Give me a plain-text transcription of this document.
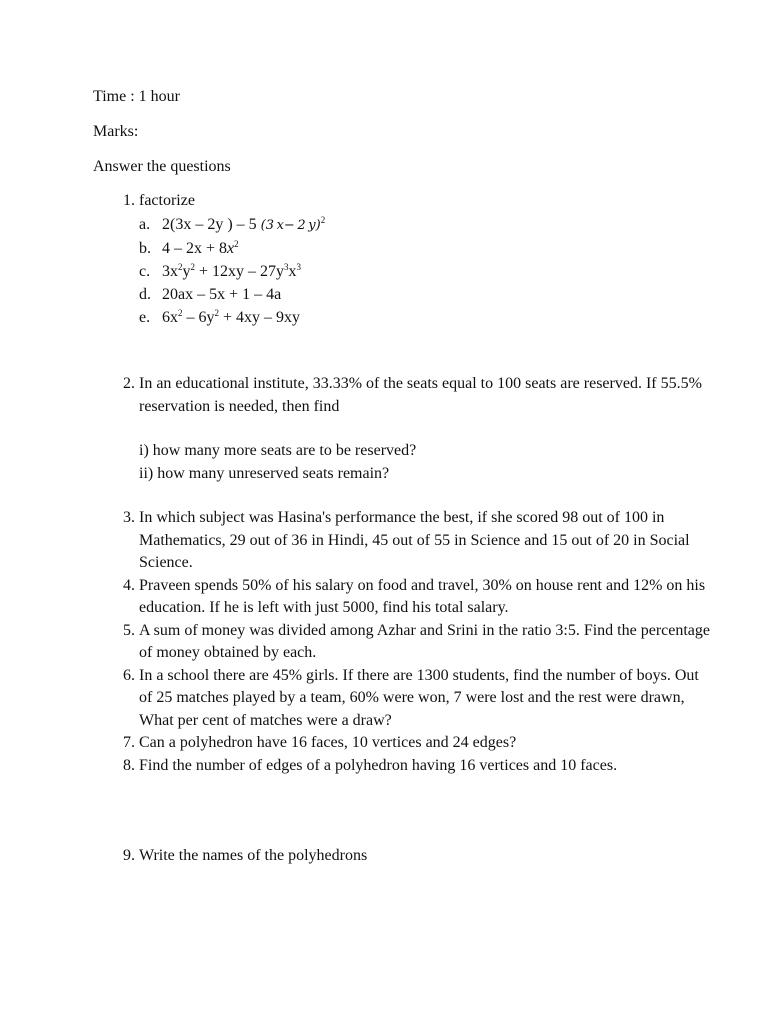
Time : 1 hour
Marks:
Answer the questions
1. factorize
a. 2(3x – 2y ) – 5 (3 x− 2 y)$^2$
b. $4 - 2x + 8x^2$
c. $3x^2y^2 + 12xy - 27y^3x^3$
d. 20ax – 5x + 1 – 4a
e. $6x^2 - 6y^2 + 4xy - 9xy$
2. In an educational institute, 33.33% of the seats equal to 100 seats are reserved. If 55.5% reservation is needed, then find
i) how many more seats are to be reserved?
ii) how many unreserved seats remain?
3. In which subject was Hasina's performance the best, if she scored 98 out of 100 in Mathematics, 29 out of 36 in Hindi, 45 out of 55 in Science and 15 out of 20 in Social Science.
4. Praveen spends 50% of his salary on food and travel, 30% on house rent and 12% on his education. If he is left with just 5000, find his total salary.
5. A sum of money was divided among Azhar and Srini in the ratio 3:5. Find the percentage of money obtained by each.
6. In a school there are 45% girls. If there are 1300 students, find the number of boys. Out of 25 matches played by a team, 60% were won, 7 were lost and the rest were drawn, What per cent of matches were a draw?
7. Can a polyhedron have 16 faces, 10 vertices and 24 edges?
8. Find the number of edges of a polyhedron having 16 vertices and 10 faces.
9. Write the names of the polyhedrons
